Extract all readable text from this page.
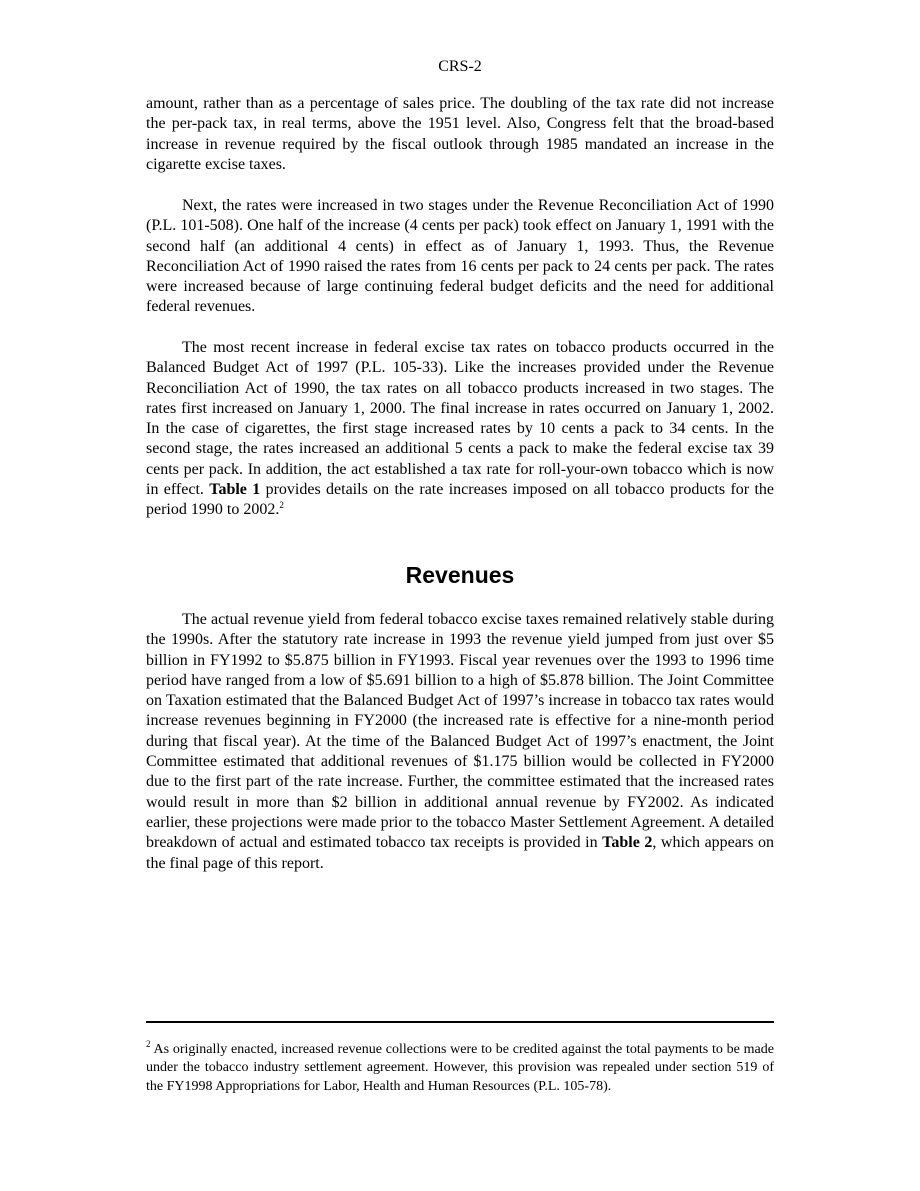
CRS-2

amount, rather than as a percentage of sales price. The doubling of the tax rate did not increase the per-pack tax, in real terms, above the 1951 level. Also, Congress felt that the broad-based increase in revenue required by the fiscal outlook through 1985 mandated an increase in the cigarette excise taxes.

Next, the rates were increased in two stages under the Revenue Reconciliation Act of 1990 (P.L. 101-508). One half of the increase (4 cents per pack) took effect on January 1, 1991 with the second half (an additional 4 cents) in effect as of January 1, 1993. Thus, the Revenue Reconciliation Act of 1990 raised the rates from 16 cents per pack to 24 cents per pack. The rates were increased because of large continuing federal budget deficits and the need for additional federal revenues.

The most recent increase in federal excise tax rates on tobacco products occurred in the Balanced Budget Act of 1997 (P.L. 105-33). Like the increases provided under the Revenue Reconciliation Act of 1990, the tax rates on all tobacco products increased in two stages. The rates first increased on January 1, 2000. The final increase in rates occurred on January 1, 2002. In the case of cigarettes, the first stage increased rates by 10 cents a pack to 34 cents. In the second stage, the rates increased an additional 5 cents a pack to make the federal excise tax 39 cents per pack. In addition, the act established a tax rate for roll-your-own tobacco which is now in effect. Table 1 provides details on the rate increases imposed on all tobacco products for the period 1990 to 2002.$^2$

Revenues

The actual revenue yield from federal tobacco excise taxes remained relatively stable during the 1990s. After the statutory rate increase in 1993 the revenue yield jumped from just over $5 billion in FY1992 to $5.875 billion in FY1993. Fiscal year revenues over the 1993 to 1996 time period have ranged from a low of $5.691 billion to a high of $5.878 billion. The Joint Committee on Taxation estimated that the Balanced Budget Act of 1997’s increase in tobacco tax rates would increase revenues beginning in FY2000 (the increased rate is effective for a nine-month period during that fiscal year). At the time of the Balanced Budget Act of 1997’s enactment, the Joint Committee estimated that additional revenues of $1.175 billion would be collected in FY2000 due to the first part of the rate increase. Further, the committee estimated that the increased rates would result in more than $2 billion in additional annual revenue by FY2002. As indicated earlier, these projections were made prior to the tobacco Master Settlement Agreement. A detailed breakdown of actual and estimated tobacco tax receipts is provided in Table 2, which appears on the final page of this report.

$^2$ As originally enacted, increased revenue collections were to be credited against the total payments to be made under the tobacco industry settlement agreement. However, this provision was repealed under section 519 of the FY1998 Appropriations for Labor, Health and Human Resources (P.L. 105-78).
